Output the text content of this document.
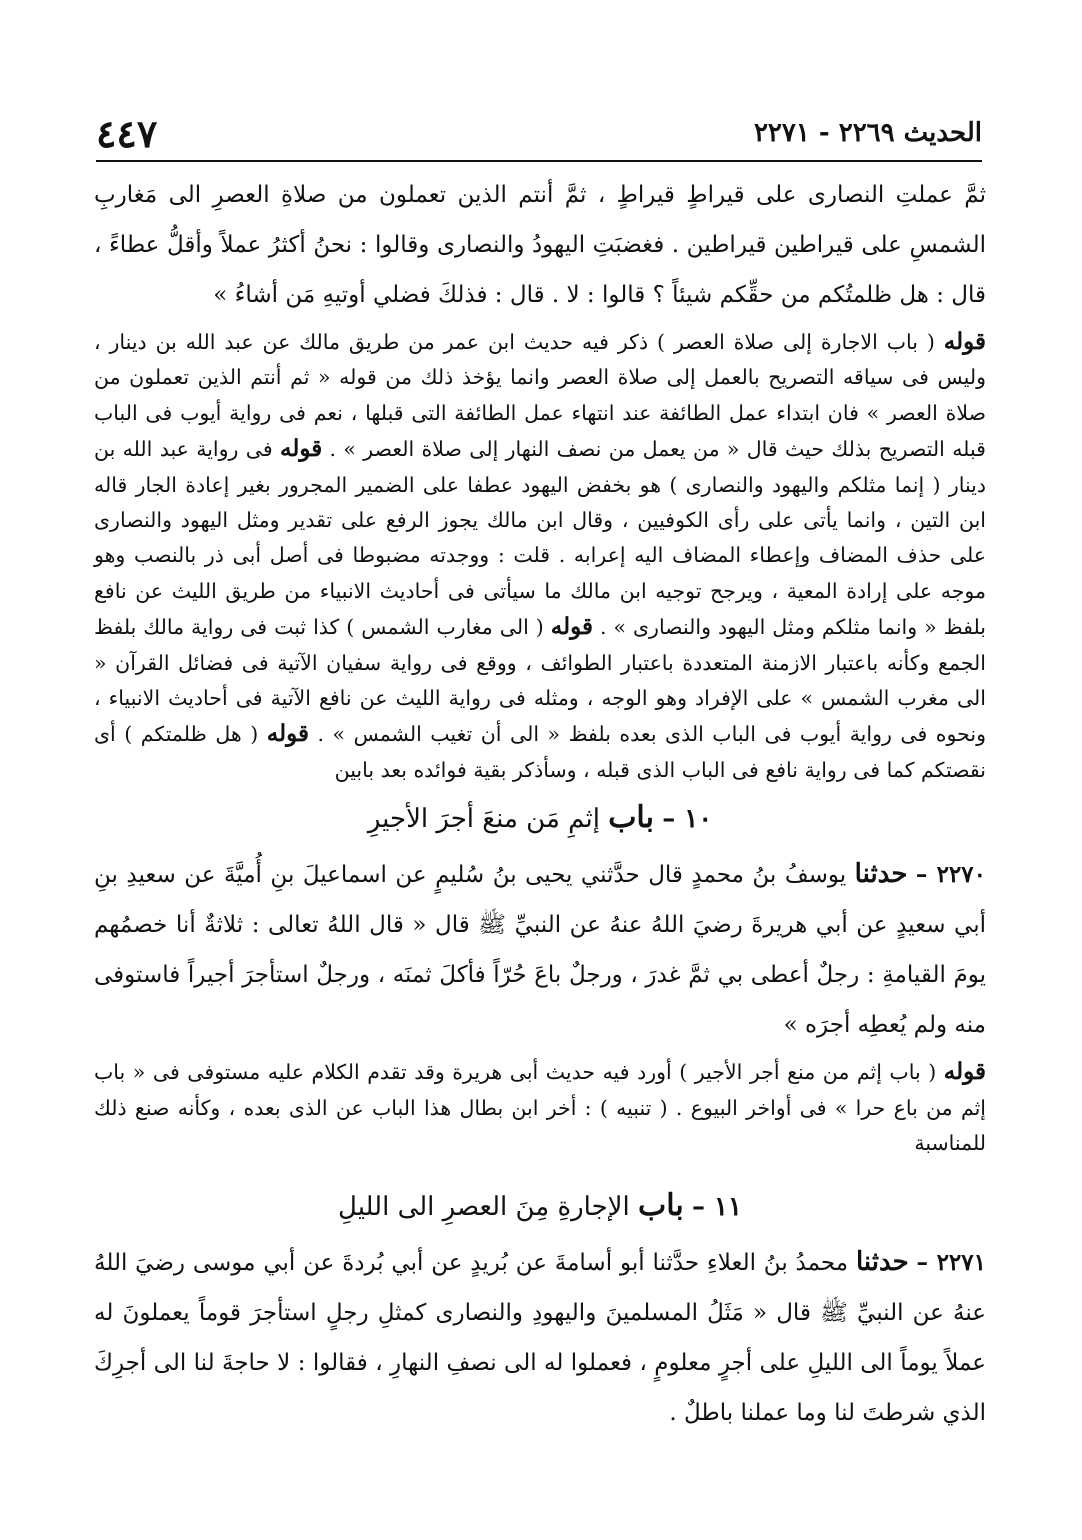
الحديث ٢٢٦٩ - ٢٢٧١
٤٤٧

ثمَّ عملتِ النصارى على قيراطٍ قيراطٍ ، ثمَّ أنتم الذين تعملون من صلاةِ العصرِ الى مَغاربِ الشمسِ على قيراطين قيراطين . فغضبَتِ اليهودُ والنصارى وقالوا : نحنُ أكثرُ عملاً وأقلُّ عطاءً ، قال : هل ظلمتُكم من حقِّكم شيئاً ؟ قالوا : لا . قال : فذلكَ فضلي أوتيهِ مَن أشاءُ »

قوله ( باب الاجارة إلى صلاة العصر ) ذكر فيه حديث ابن عمر من طريق مالك عن عبد الله بن دينار ، وليس فى سياقه التصريح بالعمل إلى صلاة العصر وانما يؤخذ ذلك من قوله « ثم أنتم الذين تعملون من صلاة العصر » فان ابتداء عمل الطائفة عند انتهاء عمل الطائفة التى قبلها ، نعم فى رواية أيوب فى الباب قبله التصريح بذلك حيث قال « من يعمل من نصف النهار إلى صلاة العصر » . قوله فى رواية عبد الله بن دينار ( إنما مثلكم واليهود والنصارى ) هو بخفض اليهود عطفا على الضمير المجرور بغير إعادة الجار قاله ابن التين ، وانما يأتى على رأى الكوفيين ، وقال ابن مالك يجوز الرفع على تقدير ومثل اليهود والنصارى على حذف المضاف وإعطاء المضاف اليه إعرابه . قلت : ووجدته مضبوطا فى أصل أبى ذر بالنصب وهو موجه على إرادة المعية ، ويرجح توجيه ابن مالك ما سيأتى فى أحاديث الانبياء من طريق الليث عن نافع بلفظ « وانما مثلكم ومثل اليهود والنصارى » . قوله ( الى مغارب الشمس ) كذا ثبت فى رواية مالك بلفظ الجمع وكأنه باعتبار الازمنة المتعددة باعتبار الطوائف ، ووقع فى رواية سفيان الآتية فى فضائل القرآن « الى مغرب الشمس » على الإفراد وهو الوجه ، ومثله فى رواية الليث عن نافع الآتية فى أحاديث الانبياء ، ونحوه فى رواية أيوب فى الباب الذى بعده بلفظ « الى أن تغيب الشمس » . قوله ( هل ظلمتكم ) أى نقصتكم كما فى رواية نافع فى الباب الذى قبله ، وسأذكر بقية فوائده بعد بابين

١٠ – باب إثمِ مَن منعَ أجرَ الأجيرِ

٢٢٧٠ – حدثنا يوسفُ بنُ محمدٍ قال حدَّثني يحيى بنُ سُليمٍ عن اسماعيلَ بنِ أُميَّةَ عن سعيدِ بنِ أبي سعيدٍ عن أبي هريرةَ رضيَ اللهُ عنهُ عن النبيِّ ﷺ قال « قال اللهُ تعالى : ثلاثةٌ أنا خصمُهم يومَ القيامةِ : رجلٌ أعطى بي ثمَّ غدرَ ، ورجلٌ باعَ حُرّاً فأكلَ ثمنَه ، ورجلٌ استأجرَ أجيراً فاستوفى منه ولم يُعطِه أجرَه »

قوله ( باب إثم من منع أجر الأجير ) أورد فيه حديث أبى هريرة وقد تقدم الكلام عليه مستوفى فى « باب إثم من باع حرا » فى أواخر البيوع . ( تنبيه ) : أخر ابن بطال هذا الباب عن الذى بعده ، وكأنه صنع ذلك للمناسبة

١١ – باب الإجارةِ مِنَ العصرِ الى الليلِ

٢٢٧١ – حدثنا محمدُ بنُ العلاءِ حدَّثنا أبو أسامةَ عن بُريدٍ عن أبي بُردةَ عن أبي موسى رضيَ اللهُ عنهُ عن النبيِّ ﷺ قال « مَثَلُ المسلمينَ واليهودِ والنصارى كمثلِ رجلٍ استأجرَ قوماً يعملونَ له عملاً يوماً الى الليلِ على أجرٍ معلومٍ ، فعملوا له الى نصفِ النهارِ ، فقالوا : لا حاجةَ لنا الى أجرِكَ الذي شرطتَ لنا وما عملنا باطلٌ .
